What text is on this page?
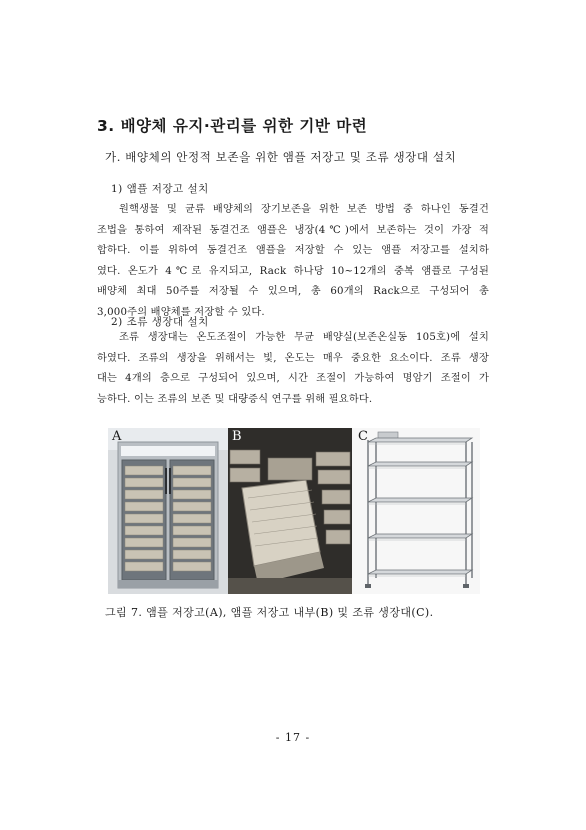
3. 배양체 유지·관리를 위한 기반 마련
가. 배양체의 안정적 보존을 위한 앰플 저장고 및 조류 생장대 설치
1) 앰플 저장고 설치
원핵생물 및 균류 배양체의 장기보존을 위한 보존 방법 중 하나인 동결건
조법을 통하여 제작된 동결건조 앰플은 냉장(4℃)에서 보존하는 것이 가장 적
합하다. 이를 위하여 동결건조 앰플을 저장할 수 있는 앰플 저장고를 설치하
였다. 온도가 4℃로 유지되고, Rack 하나당 10~12개의 중복 앰플로 구성된
배양체 최대 50주를 저장될 수 있으며, 총 60개의 Rack으로 구성되어 총
3,000주의 배양체를 저장할 수 있다.
2) 조류 생장대 설치
조류 생장대는 온도조절이 가능한 무균 배양실(보존온실동 105호)에 설치
하였다. 조류의 생장을 위해서는 빛, 온도는 매우 중요한 요소이다. 조류 생장
대는 4개의 층으로 구성되어 있으며, 시간 조절이 가능하여 명암기 조절이 가
능하다. 이는 조류의 보존 및 대량증식 연구를 위해 필요하다.
A	B	C
그림 7. 앰플 저장고(A), 앰플 저장고 내부(B) 및 조류 생장대(C).
- 17 -
